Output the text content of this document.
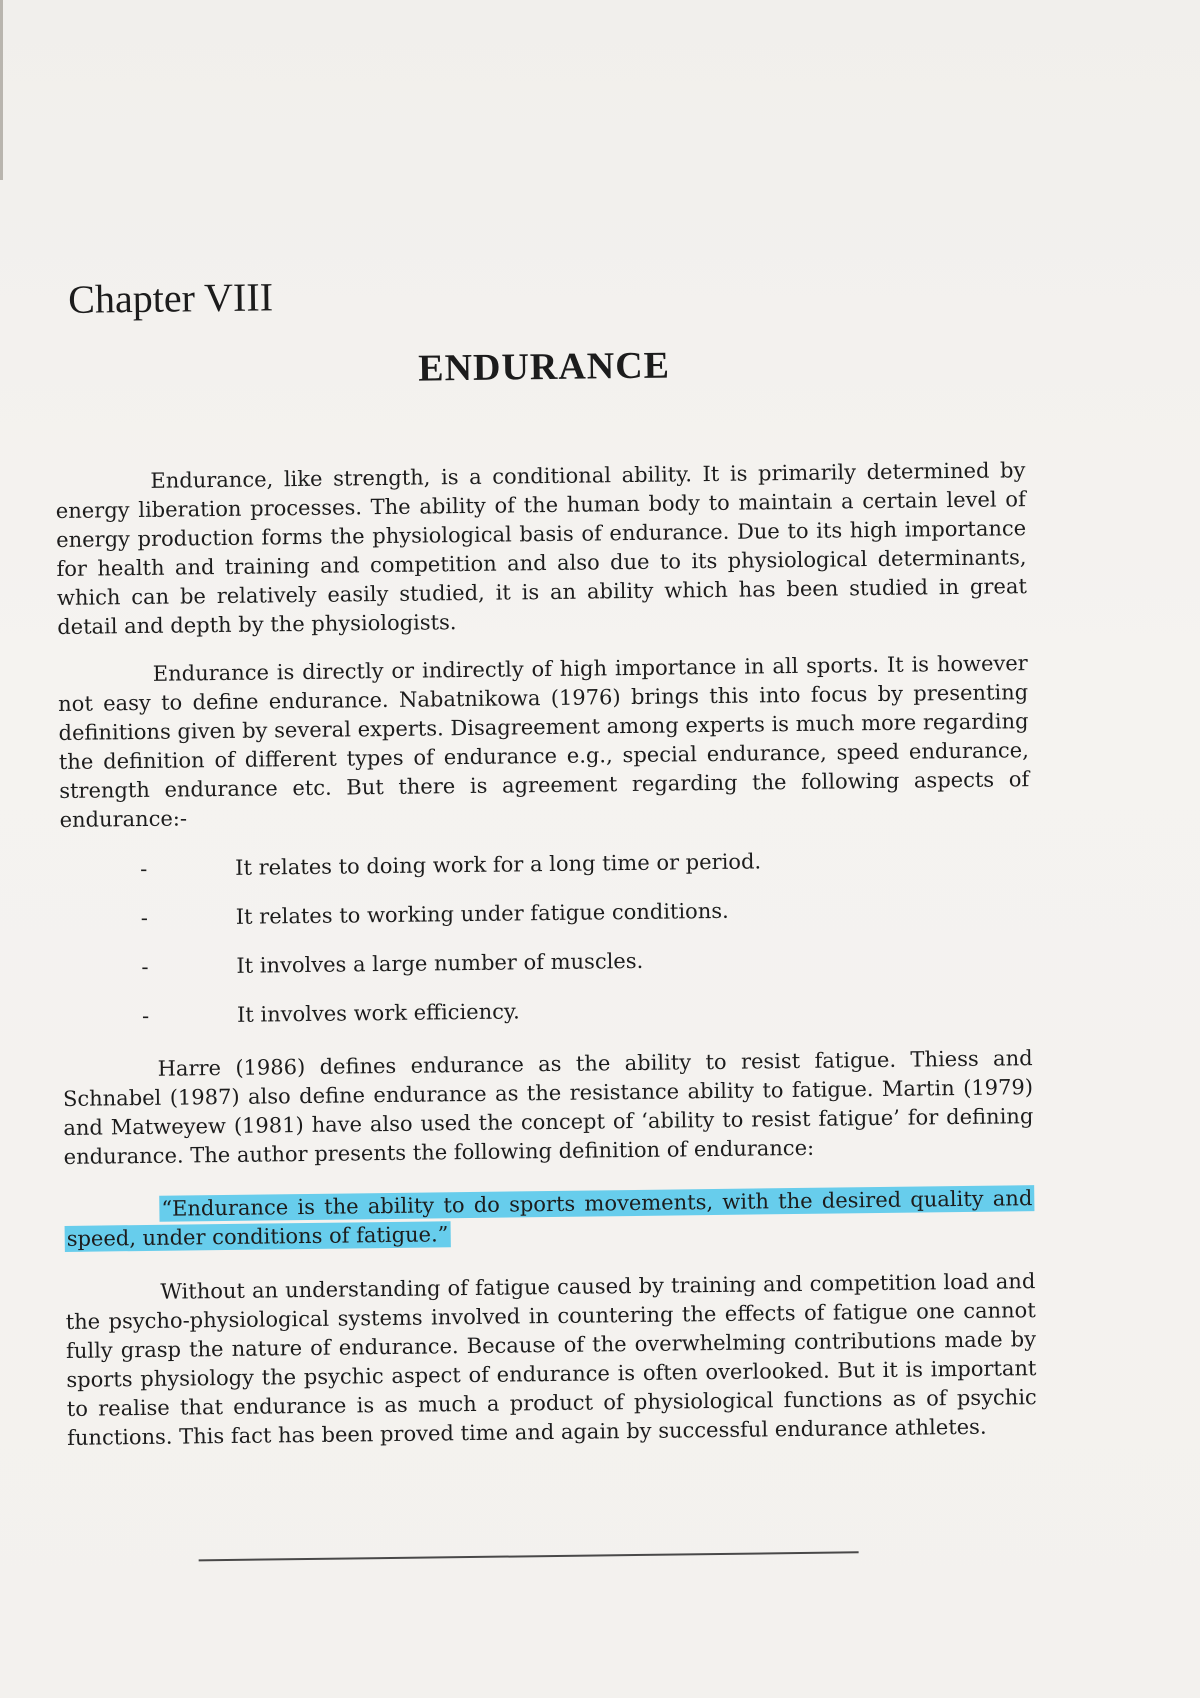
Chapter VIII
ENDURANCE

Endurance, like strength, is a conditional ability. It is primarily determined by energy liberation processes. The ability of the human body to maintain a certain level of energy production forms the physiological basis of endurance. Due to its high importance for health and training and competition and also due to its physiological determinants, which can be relatively easily studied, it is an ability which has been studied in great detail and depth by the physiologists.

Endurance is directly or indirectly of high importance in all sports. It is however not easy to define endurance. Nabatnikowa (1976) brings this into focus by presenting definitions given by several experts. Disagreement among experts is much more regarding the definition of different types of endurance e.g., special endurance, speed endurance, strength endurance etc. But there is agreement regarding the following aspects of endurance:-

-	It relates to doing work for a long time or period.
-	It relates to working under fatigue conditions.
-	It involves a large number of muscles.
-	It involves work efficiency.

Harre (1986) defines endurance as the ability to resist fatigue. Thiess and Schnabel (1987) also define endurance as the resistance ability to fatigue. Martin (1979) and Matweyew (1981) have also used the concept of ‘ability to resist fatigue’ for defining endurance. The author presents the following definition of endurance:

“Endurance is the ability to do sports movements, with the desired quality and speed, under conditions of fatigue.”

Without an understanding of fatigue caused by training and competition load and the psycho-physiological systems involved in countering the effects of fatigue one cannot fully grasp the nature of endurance. Because of the overwhelming contributions made by sports physiology the psychic aspect of endurance is often overlooked. But it is important to realise that endurance is as much a product of physiological functions as of psychic functions. This fact has been proved time and again by successful endurance athletes.
